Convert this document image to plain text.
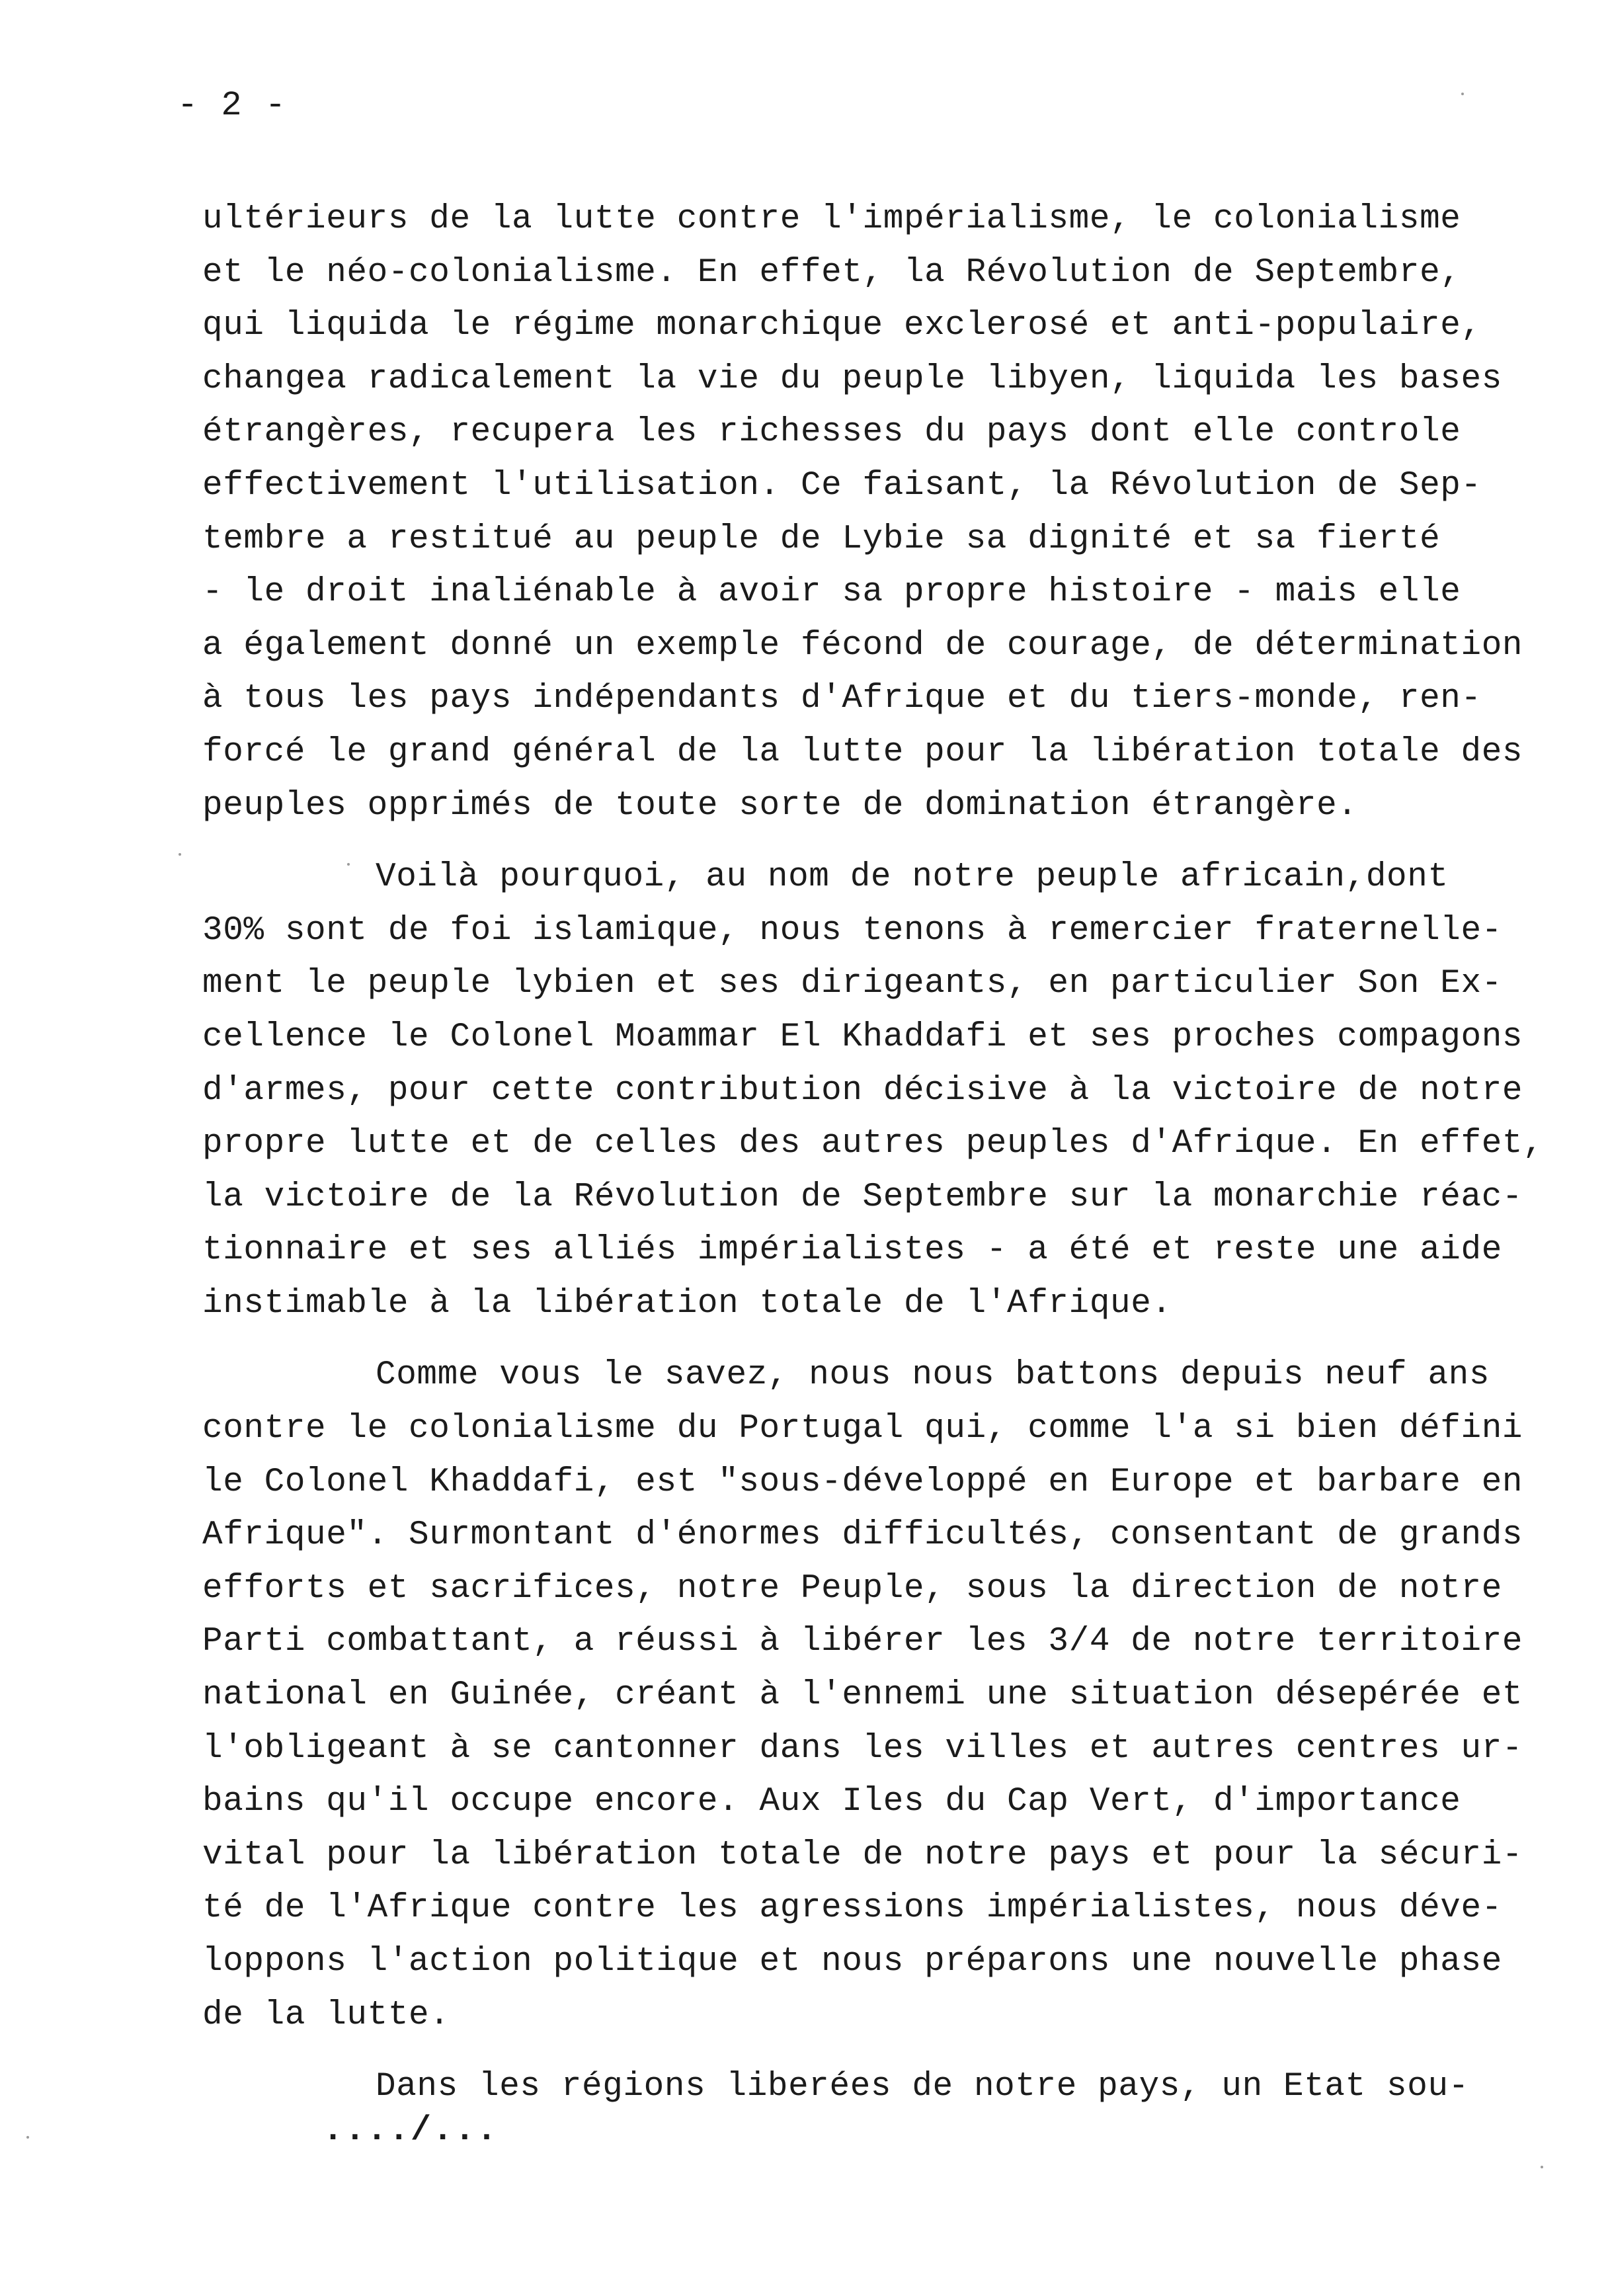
- 2 -
ultérieurs de la lutte contre l'impérialisme, le colonialisme
et le néo-colonialisme. En effet, la Révolution de Septembre,
qui liquida le régime monarchique exclerosé et anti-populaire,
changea radicalement la vie du peuple libyen, liquida les bases
étrangères, recupera les richesses du pays dont elle controle
effectivement l'utilisation. Ce faisant, la Révolution de Sep-
tembre a restitué au peuple de Lybie sa dignité et sa fierté
- le droit inaliénable à avoir sa propre histoire - mais elle
a également donné un exemple fécond de courage, de détermination
à tous les pays indépendants d'Afrique et du tiers-monde, ren-
forcé le grand général de la lutte pour la libération totale des
peuples opprimés de toute sorte de domination étrangère.
Voilà pourquoi, au nom de notre peuple africain,dont
30% sont de foi islamique, nous tenons à remercier fraternelle-
ment le peuple lybien et ses dirigeants, en particulier Son Ex-
cellence le Colonel Moammar El Khaddafi et ses proches compagons
d'armes, pour cette contribution décisive à la victoire de notre
propre lutte et de celles des autres peuples d'Afrique. En effet,
la victoire de la Révolution de Septembre sur la monarchie réac-
tionnaire et ses alliés impérialistes - a été et reste une aide
instimable à la libération totale de l'Afrique.
Comme vous le savez, nous nous battons depuis neuf ans
contre le colonialisme du Portugal qui, comme l'a si bien défini
le Colonel Khaddafi, est "sous-développé en Europe et barbare en
Afrique". Surmontant d'énormes difficultés, consentant de grands
efforts et sacrifices, notre Peuple, sous la direction de notre
Parti combattant, a réussi à libérer les 3/4 de notre territoire
national en Guinée, créant à l'ennemi une situation désepérée et
l'obligeant à se cantonner dans les villes et autres centres ur-
bains qu'il occupe encore. Aux Iles du Cap Vert, d'importance
vital pour la libération totale de notre pays et pour la sécuri-
té de l'Afrique contre les agressions impérialistes, nous déve-
loppons l'action politique et nous préparons une nouvelle phase
de la lutte.
Dans les régions liberées de notre pays, un Etat sou-
..../...
